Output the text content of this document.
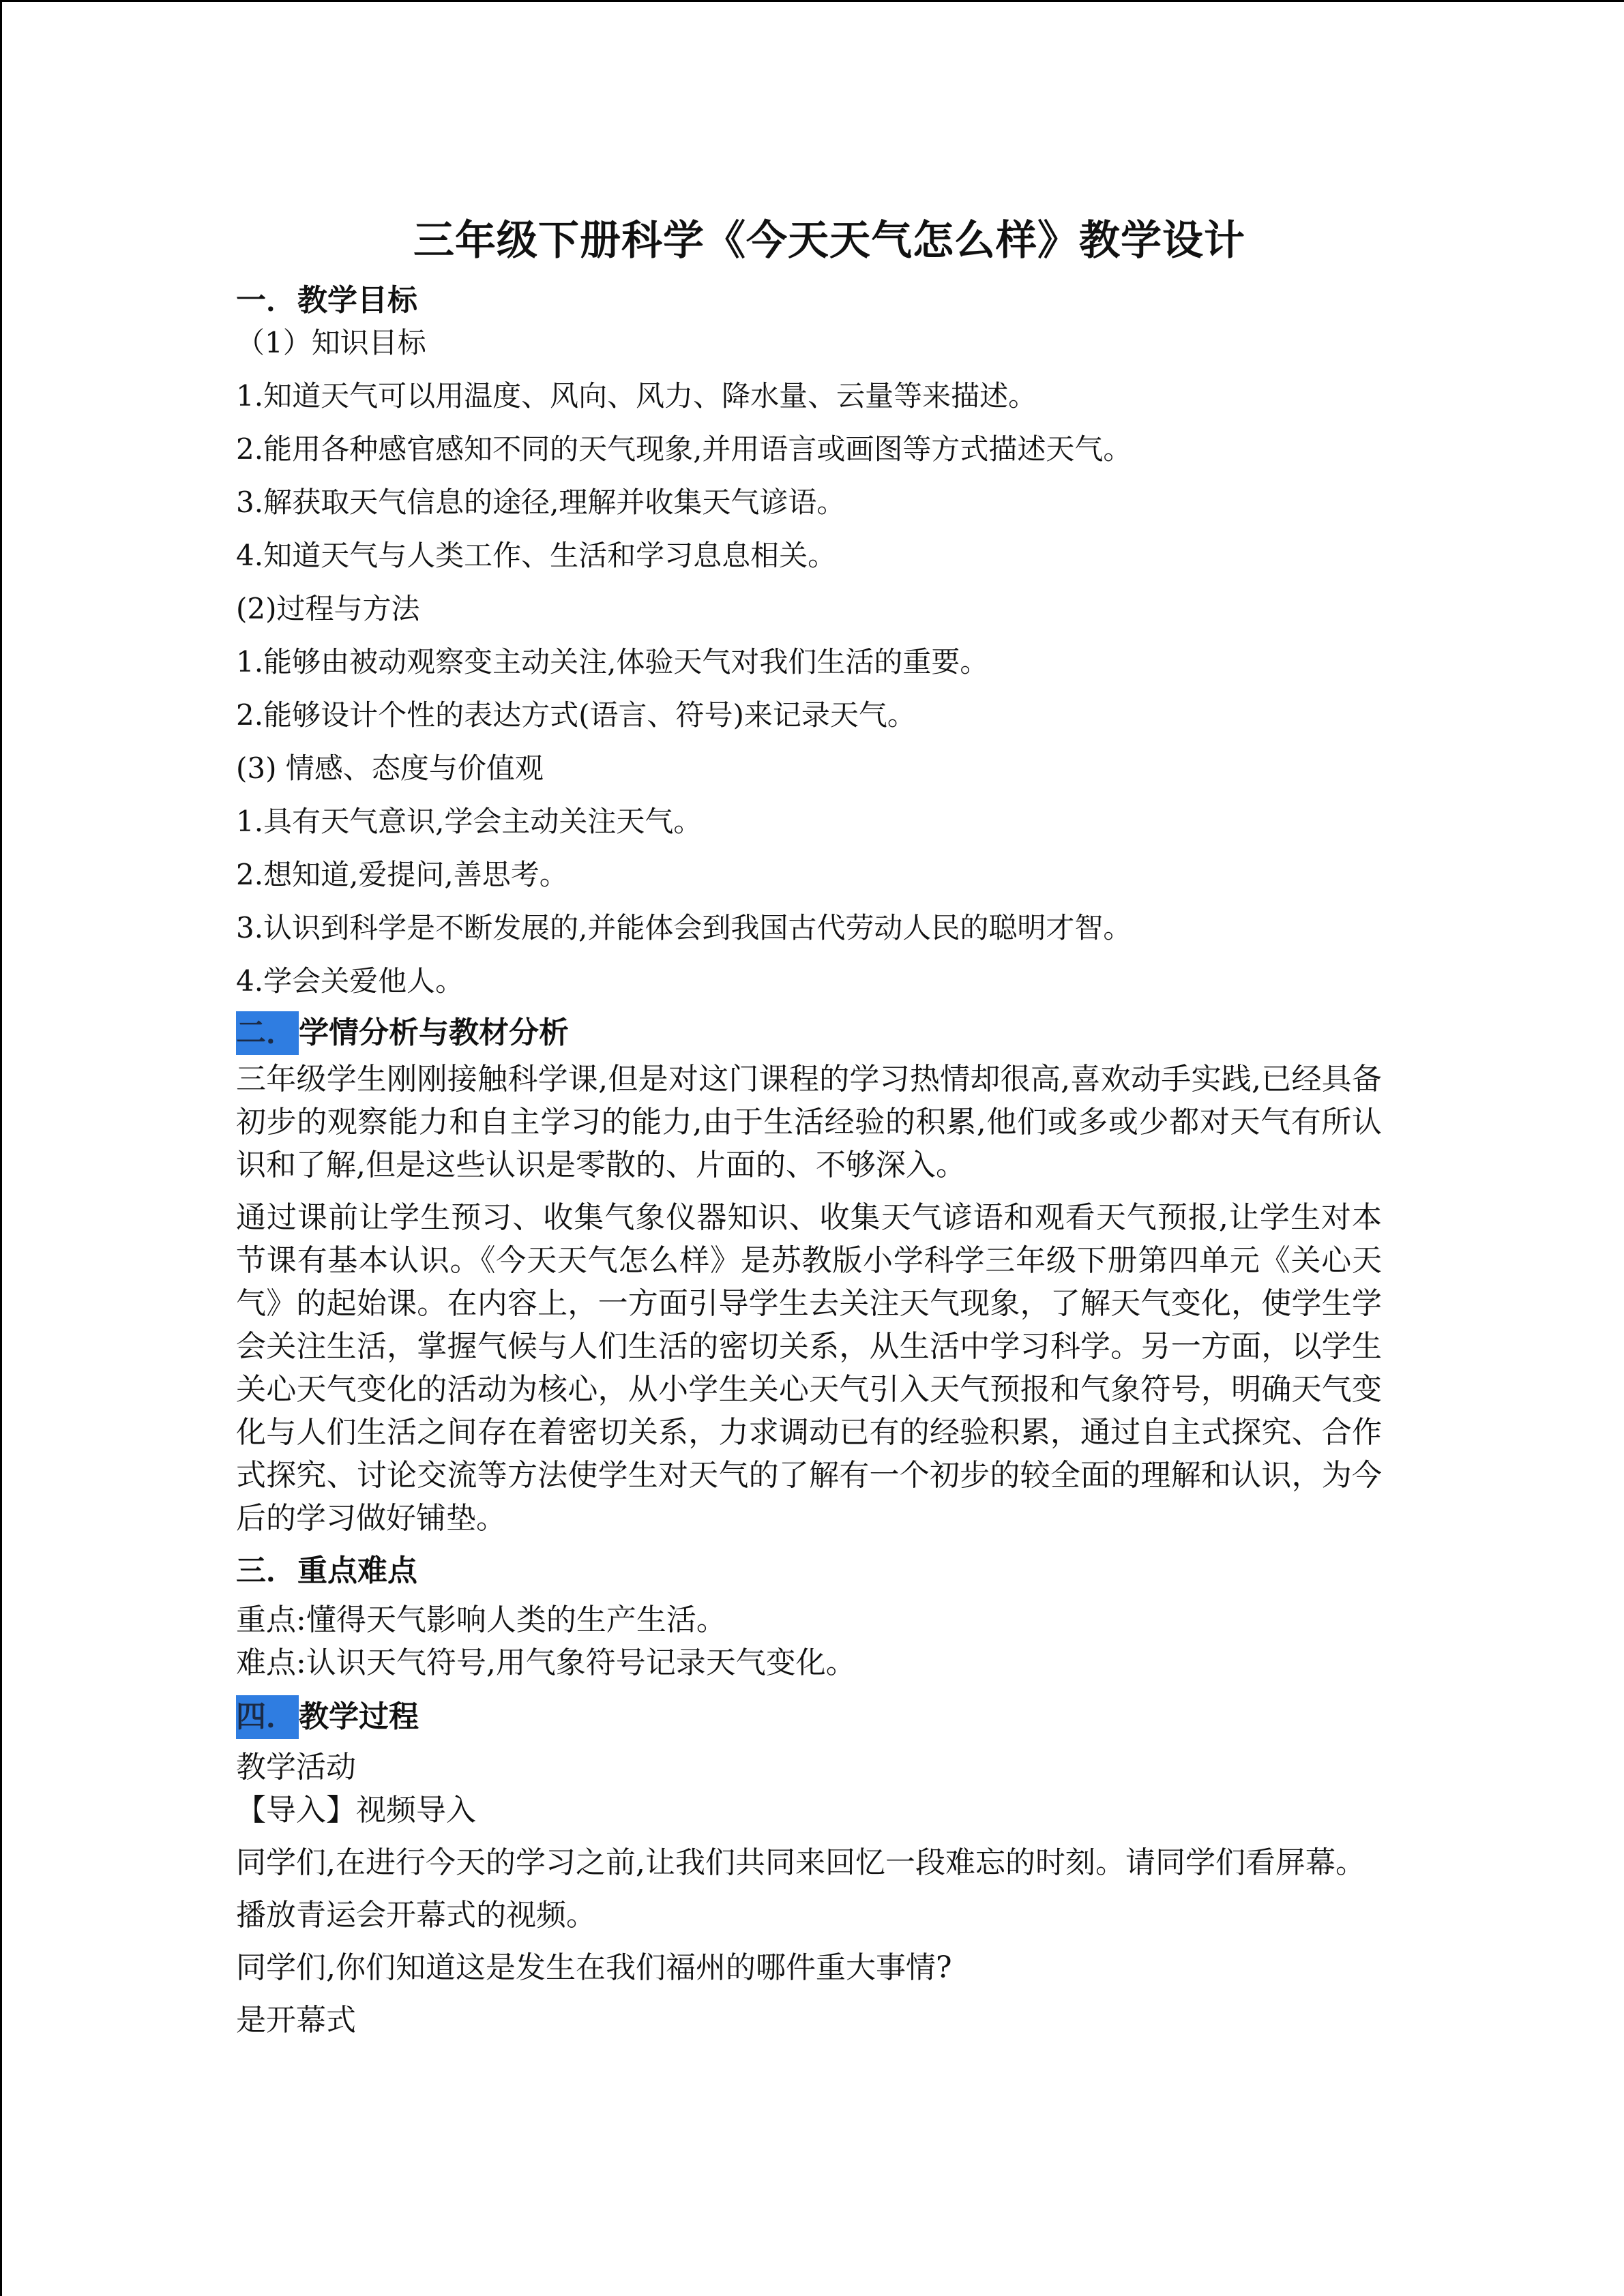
三年级下册科学《今天天气怎么样》教学设计
一．教学目标
（1）知识目标
1.知道天气可以用温度、风向、风力、降水量、云量等来描述。
2.能用各种感官感知不同的天气现象,并用语言或画图等方式描述天气。
3.解获取天气信息的途径,理解并收集天气谚语。
4.知道天气与人类工作、生活和学习息息相关。
(2)过程与方法
1.能够由被动观察变主动关注,体验天气对我们生活的重要。
2.能够设计个性的表达方式(语言、符号)来记录天气。
(3) 情感、态度与价值观
1.具有天气意识,学会主动关注天气。
2.想知道,爱提问,善思考。
3.认识到科学是不断发展的,并能体会到我国古代劳动人民的聪明才智。
4.学会关爱他人。
二．学情分析与教材分析
三年级学生刚刚接触科学课,但是对这门课程的学习热情却很高,喜欢动手实践,已经具备初步的观察能力和自主学习的能力,由于生活经验的积累,他们或多或少都对天气有所认识和了解,但是这些认识是零散的、片面的、不够深入。
通过课前让学生预习、收集气象仪器知识、收集天气谚语和观看天气预报,让学生对本节课有基本认识。《今天天气怎么样》是苏教版小学科学三年级下册第四单元《关心天气》的起始课。在内容上，一方面引导学生去关注天气现象，了解天气变化，使学生学会关注生活，掌握气候与人们生活的密切关系，从生活中学习科学。另一方面，以学生关心天气变化的活动为核心，从小学生关心天气引入天气预报和气象符号，明确天气变化与人们生活之间存在着密切关系，力求调动已有的经验积累，通过自主式探究、合作式探究、讨论交流等方法使学生对天气的了解有一个初步的较全面的理解和认识，为今后的学习做好铺垫。
三．重点难点
重点:懂得天气影响人类的生产生活。
难点:认识天气符号,用气象符号记录天气变化。
四．教学过程
教学活动
【导入】视频导入
同学们,在进行今天的学习之前,让我们共同来回忆一段难忘的时刻。请同学们看屏幕。
播放青运会开幕式的视频。
同学们,你们知道这是发生在我们福州的哪件重大事情?
是开幕式
